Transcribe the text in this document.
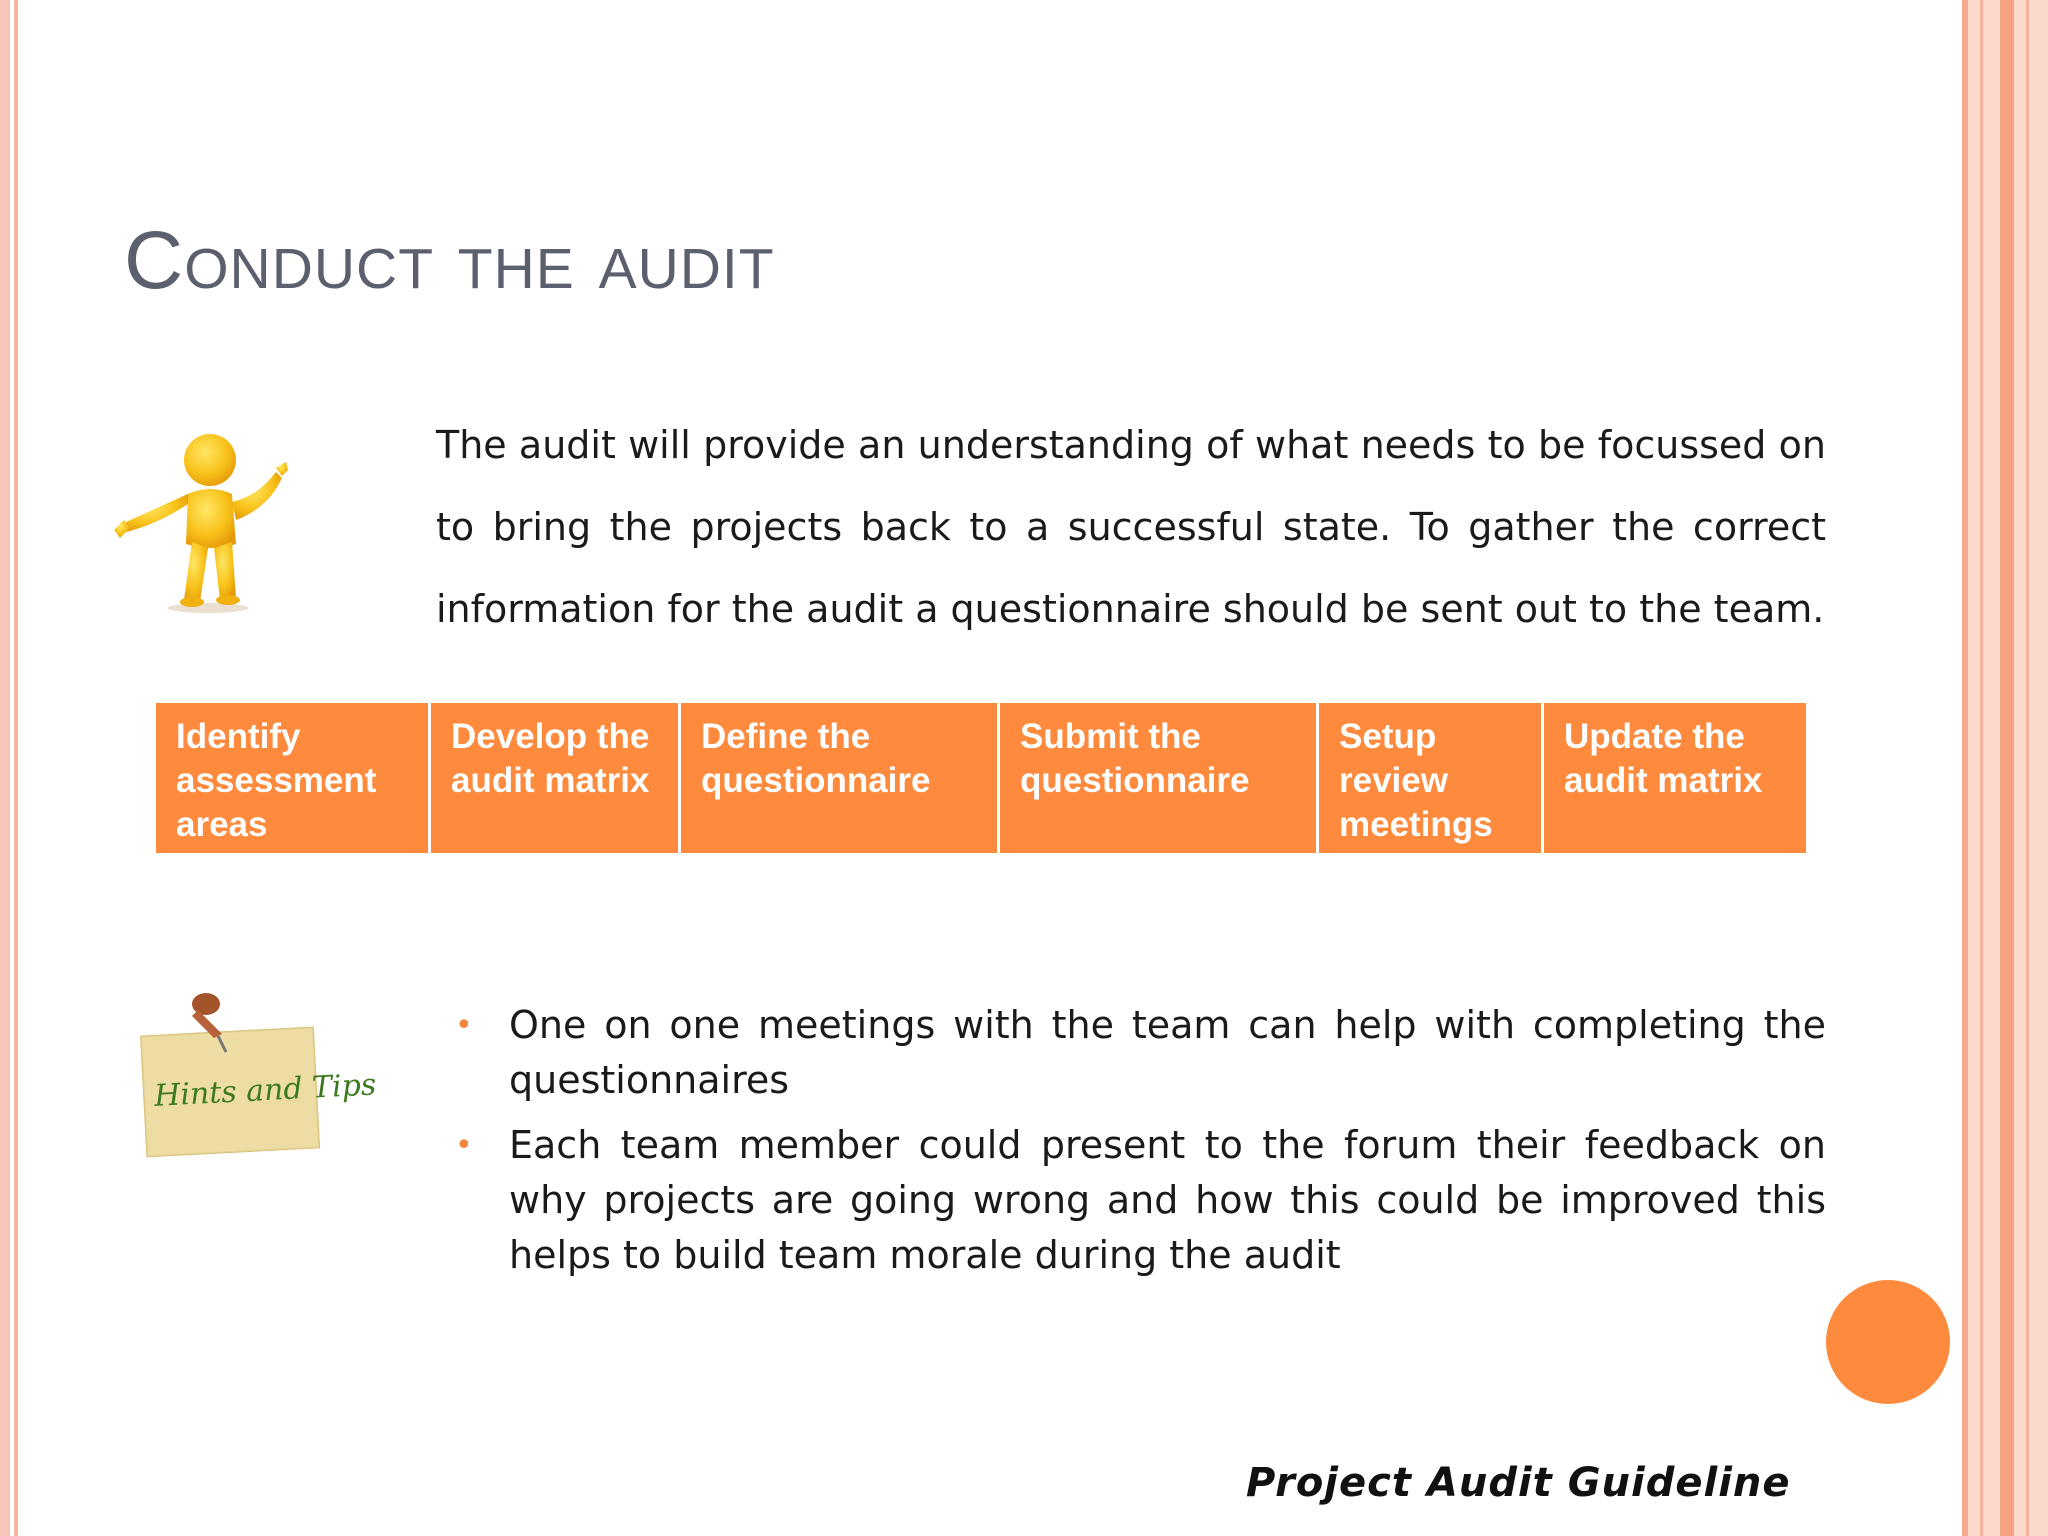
Conduct the audit

The audit will provide an understanding of what needs to be focussed on to bring the projects back to a successful state. To gather the correct information for the audit a questionnaire should be sent out to the team.

Identify assessment areas
Develop the audit matrix
Define the questionnaire
Submit the questionnaire
Setup review meetings
Update the audit matrix
Hints and Tips
• One on one meetings with the team can help with completing the questionnaires
• Each team member could present to the forum their feedback on why projects are going wrong and how this could be improved this helps to build team morale during the audit
Project Audit Guideline
